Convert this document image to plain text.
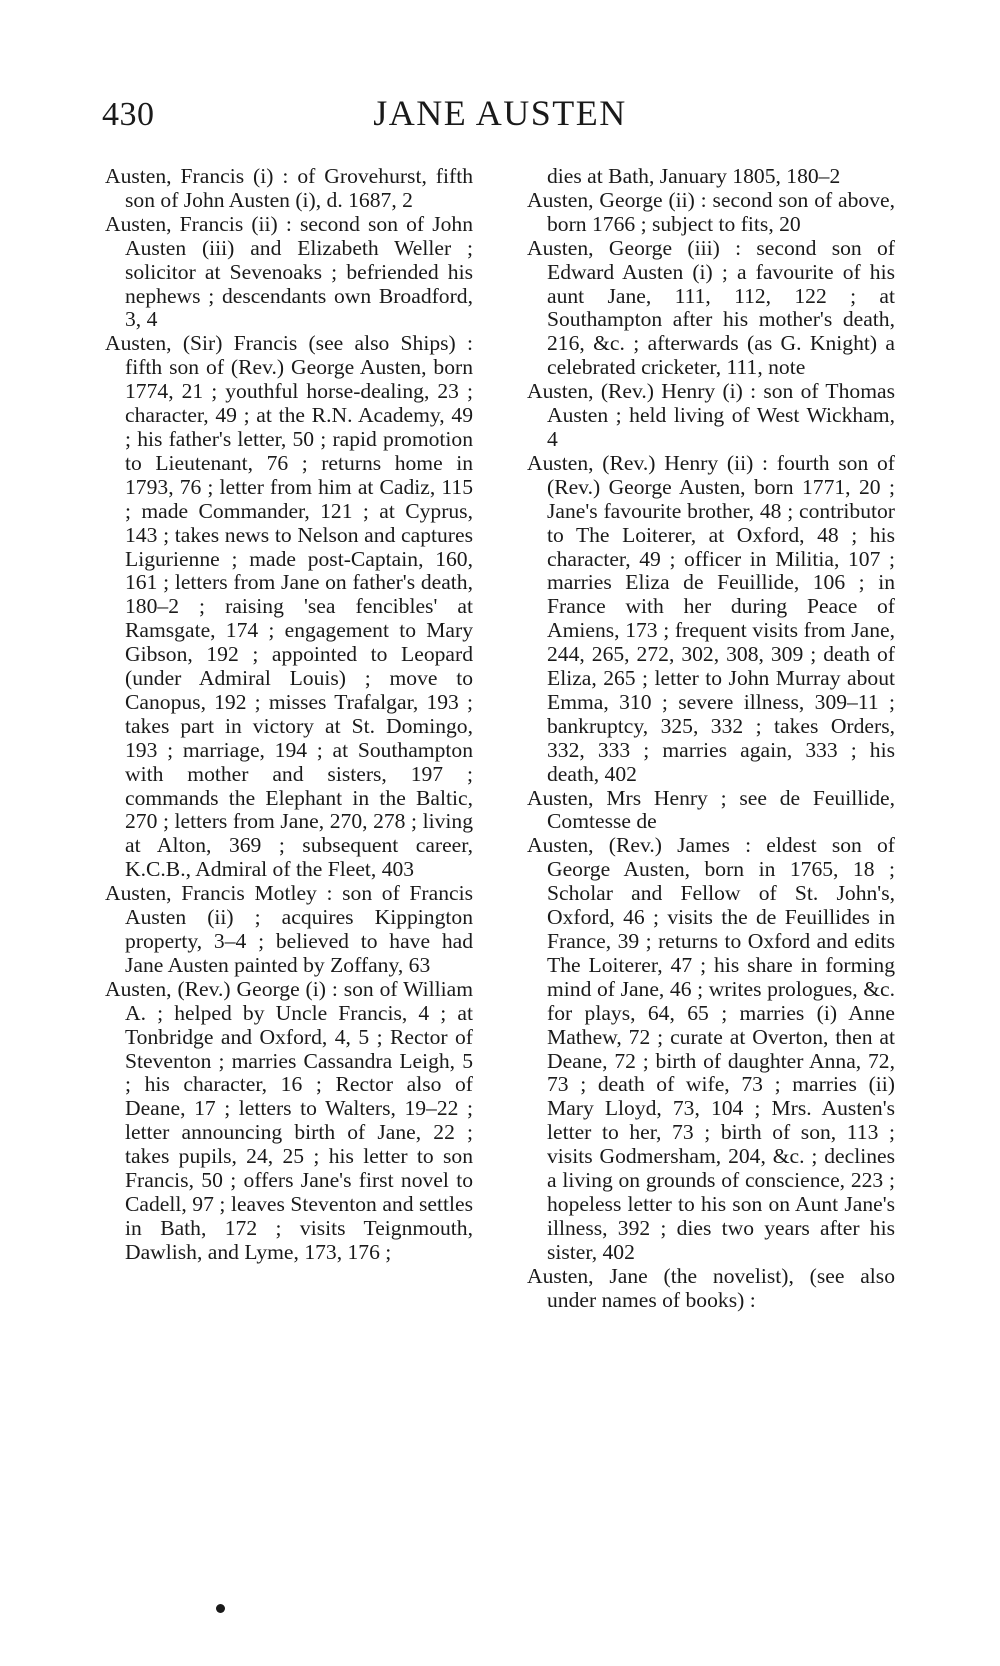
430	JANE AUSTEN

Austen, Francis (i) : of Grovehurst, fifth son of John Austen (i), d. 1687, 2

Austen, Francis (ii) : second son of John Austen (iii) and Elizabeth Weller ; solicitor at Sevenoaks ; befriended his nephews ; descendants own Broadford, 3, 4

Austen, (Sir) Francis (see also Ships) : fifth son of (Rev.) George Austen, born 1774, 21 ; youthful horse-dealing, 23 ; character, 49 ; at the R.N. Academy, 49 ; his father's letter, 50 ; rapid promotion to Lieutenant, 76 ; returns home in 1793, 76 ; letter from him at Cadiz, 115 ; made Commander, 121 ; at Cyprus, 143 ; takes news to Nelson and captures Ligurienne ; made post-Captain, 160, 161 ; letters from Jane on father's death, 180–2 ; raising 'sea fencibles' at Ramsgate, 174 ; engagement to Mary Gibson, 192 ; appointed to Leopard (under Admiral Louis) ; move to Canopus, 192 ; misses Trafalgar, 193 ; takes part in victory at St. Domingo, 193 ; marriage, 194 ; at Southampton with mother and sisters, 197 ; commands the Elephant in the Baltic, 270 ; letters from Jane, 270, 278 ; living at Alton, 369 ; subsequent career, K.C.B., Admiral of the Fleet, 403

Austen, Francis Motley : son of Francis Austen (ii) ; acquires Kippington property, 3–4 ; believed to have had Jane Austen painted by Zoffany, 63

Austen, (Rev.) George (i) : son of William A. ; helped by Uncle Francis, 4 ; at Tonbridge and Oxford, 4, 5 ; Rector of Steventon ; marries Cassandra Leigh, 5 ; his character, 16 ; Rector also of Deane, 17 ; letters to Walters, 19–22 ; letter announcing birth of Jane, 22 ; takes pupils, 24, 25 ; his letter to son Francis, 50 ; offers Jane's first novel to Cadell, 97 ; leaves Steventon and settles in Bath, 172 ; visits Teignmouth, Dawlish, and Lyme, 173, 176 ;

dies at Bath, January 1805, 180–2

Austen, George (ii) : second son of above, born 1766 ; subject to fits, 20

Austen, George (iii) : second son of Edward Austen (i) ; a favourite of his aunt Jane, 111, 112, 122 ; at Southampton after his mother's death, 216, &c. ; afterwards (as G. Knight) a celebrated cricketer, 111, note

Austen, (Rev.) Henry (i) : son of Thomas Austen ; held living of West Wickham, 4

Austen, (Rev.) Henry (ii) : fourth son of (Rev.) George Austen, born 1771, 20 ; Jane's favourite brother, 48 ; contributor to The Loiterer, at Oxford, 48 ; his character, 49 ; officer in Militia, 107 ; marries Eliza de Feuillide, 106 ; in France with her during Peace of Amiens, 173 ; frequent visits from Jane, 244, 265, 272, 302, 308, 309 ; death of Eliza, 265 ; letter to John Murray about Emma, 310 ; severe illness, 309–11 ; bankruptcy, 325, 332 ; takes Orders, 332, 333 ; marries again, 333 ; his death, 402

Austen, Mrs Henry ; see de Feuillide, Comtesse de

Austen, (Rev.) James : eldest son of George Austen, born in 1765, 18 ; Scholar and Fellow of St. John's, Oxford, 46 ; visits the de Feuillides in France, 39 ; returns to Oxford and edits The Loiterer, 47 ; his share in forming mind of Jane, 46 ; writes prologues, &c. for plays, 64, 65 ; marries (i) Anne Mathew, 72 ; curate at Overton, then at Deane, 72 ; birth of daughter Anna, 72, 73 ; death of wife, 73 ; marries (ii) Mary Lloyd, 73, 104 ; Mrs. Austen's letter to her, 73 ; birth of son, 113 ; visits Godmersham, 204, &c. ; declines a living on grounds of conscience, 223 ; hopeless letter to his son on Aunt Jane's illness, 392 ; dies two years after his sister, 402

Austen, Jane (the novelist), (see also under names of books) :
